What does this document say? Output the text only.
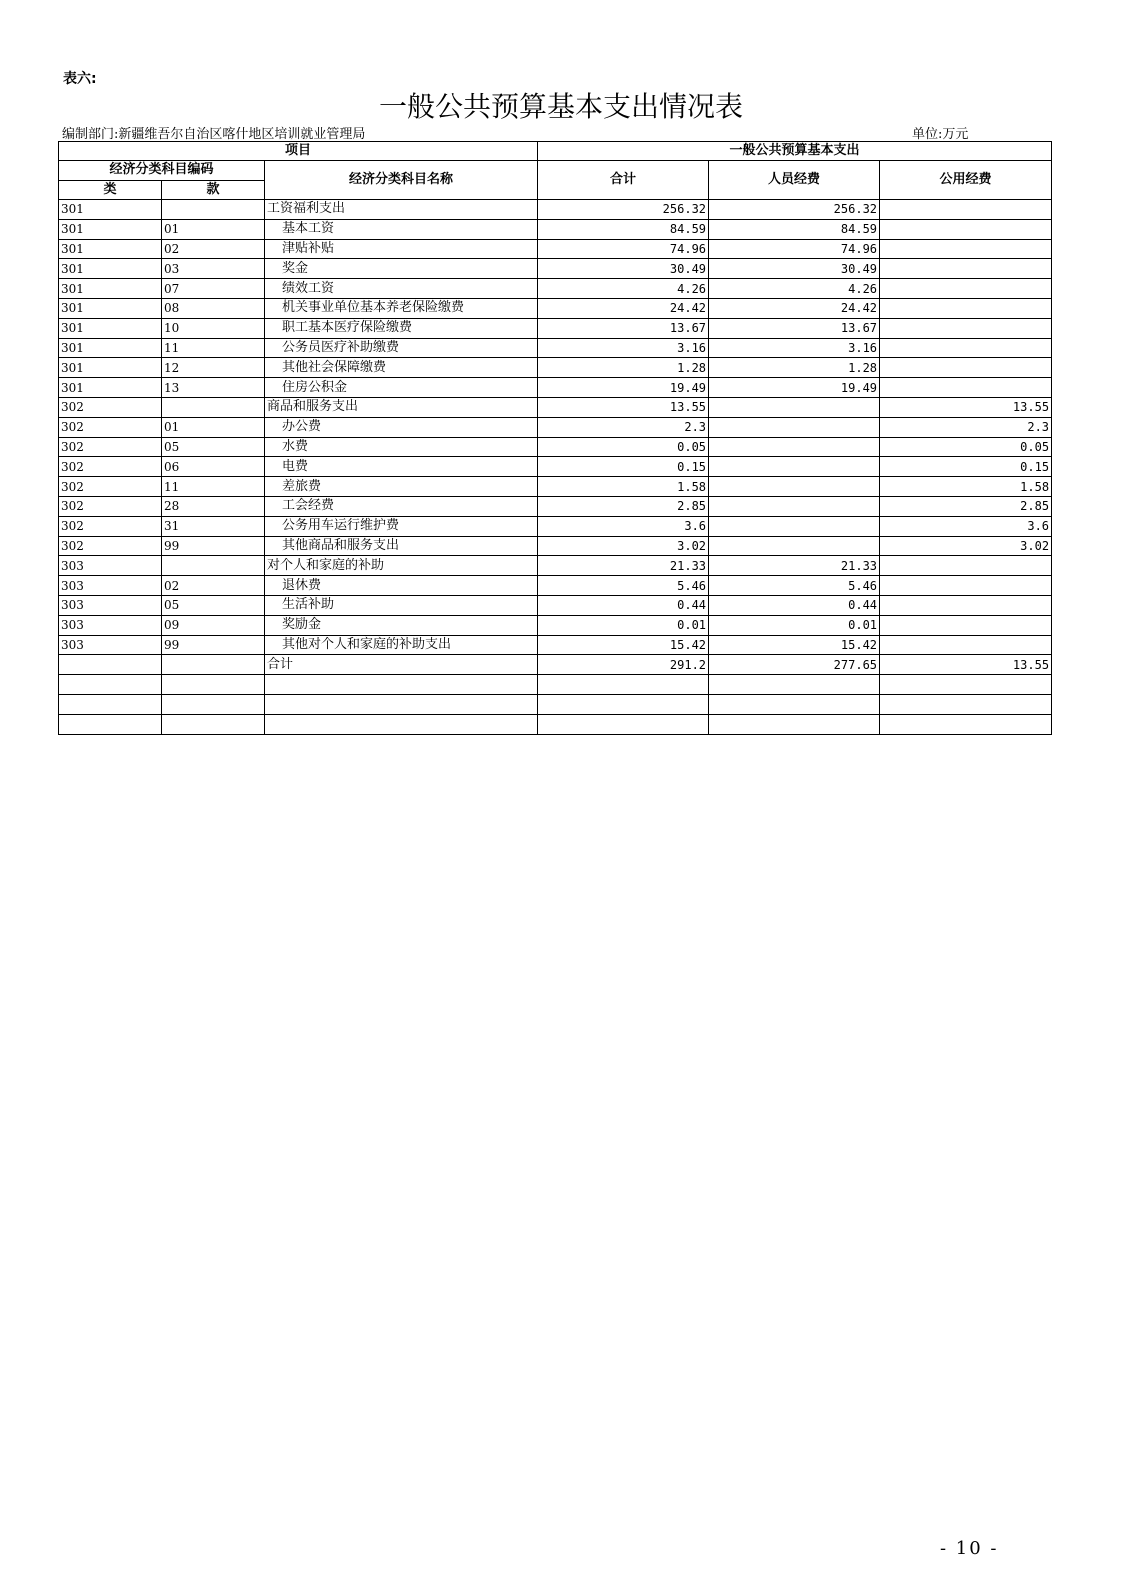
表六:
一般公共预算基本支出情况表
编制部门:新疆维吾尔自治区喀什地区培训就业管理局	单位:万元
项目			一般公共预算基本支出		
经济分类科目编码		经济分类科目名称	合计	人员经费	公用经费
类	款				
301		工资福利支出	256.32	256.32	
301	01	基本工资	84.59	84.59	
301	02	津贴补贴	74.96	74.96	
301	03	奖金	30.49	30.49	
301	07	绩效工资	4.26	4.26	
301	08	机关事业单位基本养老保险缴费	24.42	24.42	
301	10	职工基本医疗保险缴费	13.67	13.67	
301	11	公务员医疗补助缴费	3.16	3.16	
301	12	其他社会保障缴费	1.28	1.28	
301	13	住房公积金	19.49	19.49	
302		商品和服务支出	13.55		13.55
302	01	办公费	2.3		2.3
302	05	水费	0.05		0.05
302	06	电费	0.15		0.15
302	11	差旅费	1.58		1.58
302	28	工会经费	2.85		2.85
302	31	公务用车运行维护费	3.6		3.6
302	99	其他商品和服务支出	3.02		3.02
303		对个人和家庭的补助	21.33	21.33	
303	02	退休费	5.46	5.46	
303	05	生活补助	0.44	0.44	
303	09	奖励金	0.01	0.01	
303	99	其他对个人和家庭的补助支出	15.42	15.42	
		合计	291.2	277.65	13.55

- 10 -
